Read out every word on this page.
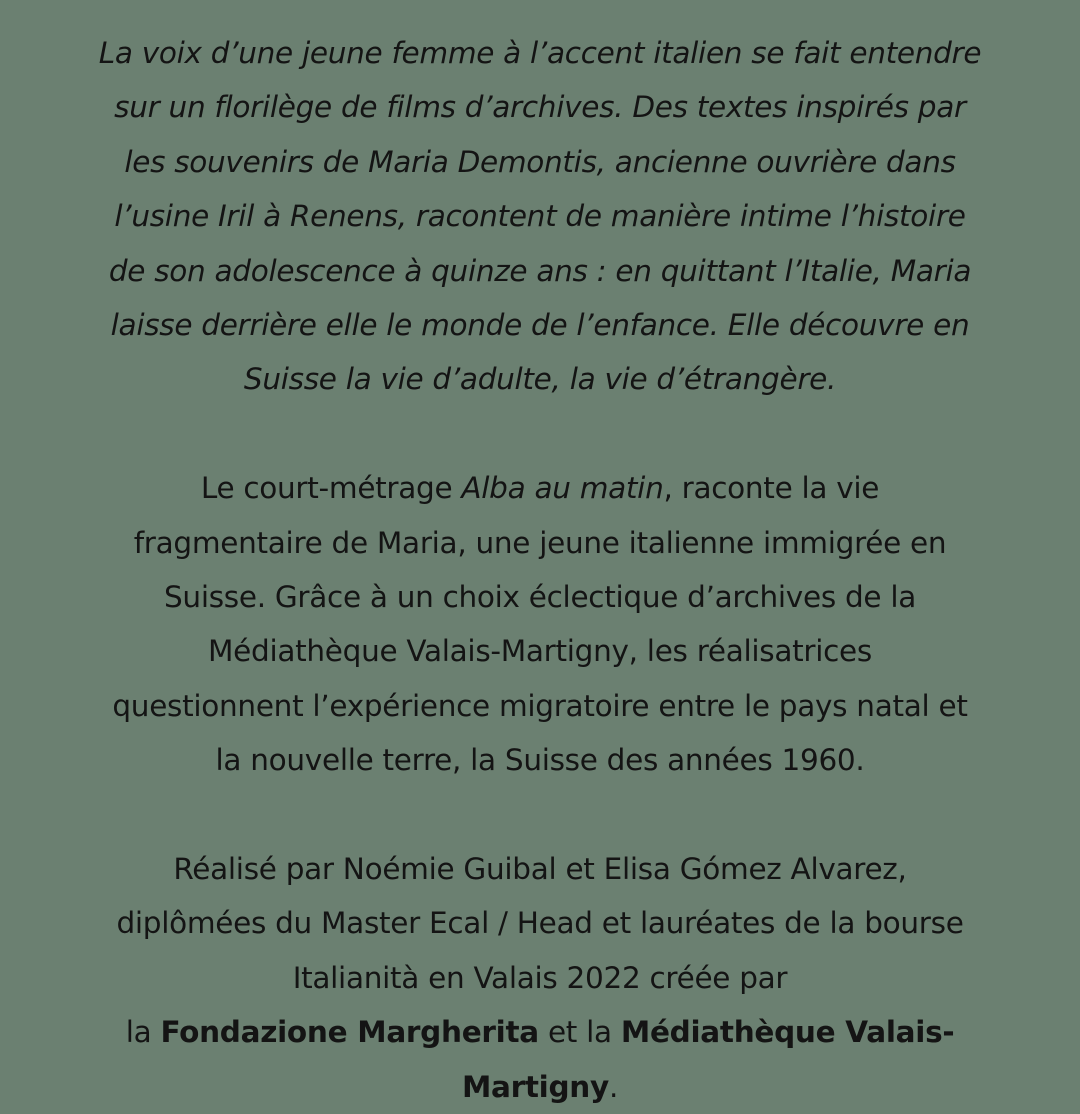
La voix d’une jeune femme à l’accent italien se fait entendre
sur un florilège de films d’archives. Des textes inspirés par
les souvenirs de Maria Demontis, ancienne ouvrière dans
l’usine Iril à Renens, racontent de manière intime l’histoire
de son adolescence à quinze ans : en quittant l’Italie, Maria
laisse derrière elle le monde de l’enfance. Elle découvre en
Suisse la vie d’adulte, la vie d’étrangère.

Le court-métrage Alba au matin, raconte la vie
fragmentaire de Maria, une jeune italienne immigrée en
Suisse. Grâce à un choix éclectique d’archives de la
Médiathèque Valais-Martigny, les réalisatrices
questionnent l’expérience migratoire entre le pays natal et
la nouvelle terre, la Suisse des années 1960.

Réalisé par Noémie Guibal et Elisa Gómez Alvarez,
diplômées du Master Ecal / Head et lauréates de la bourse
Italianità en Valais 2022 créée par
la Fondazione Margherita et la Médiathèque Valais-
Martigny.
